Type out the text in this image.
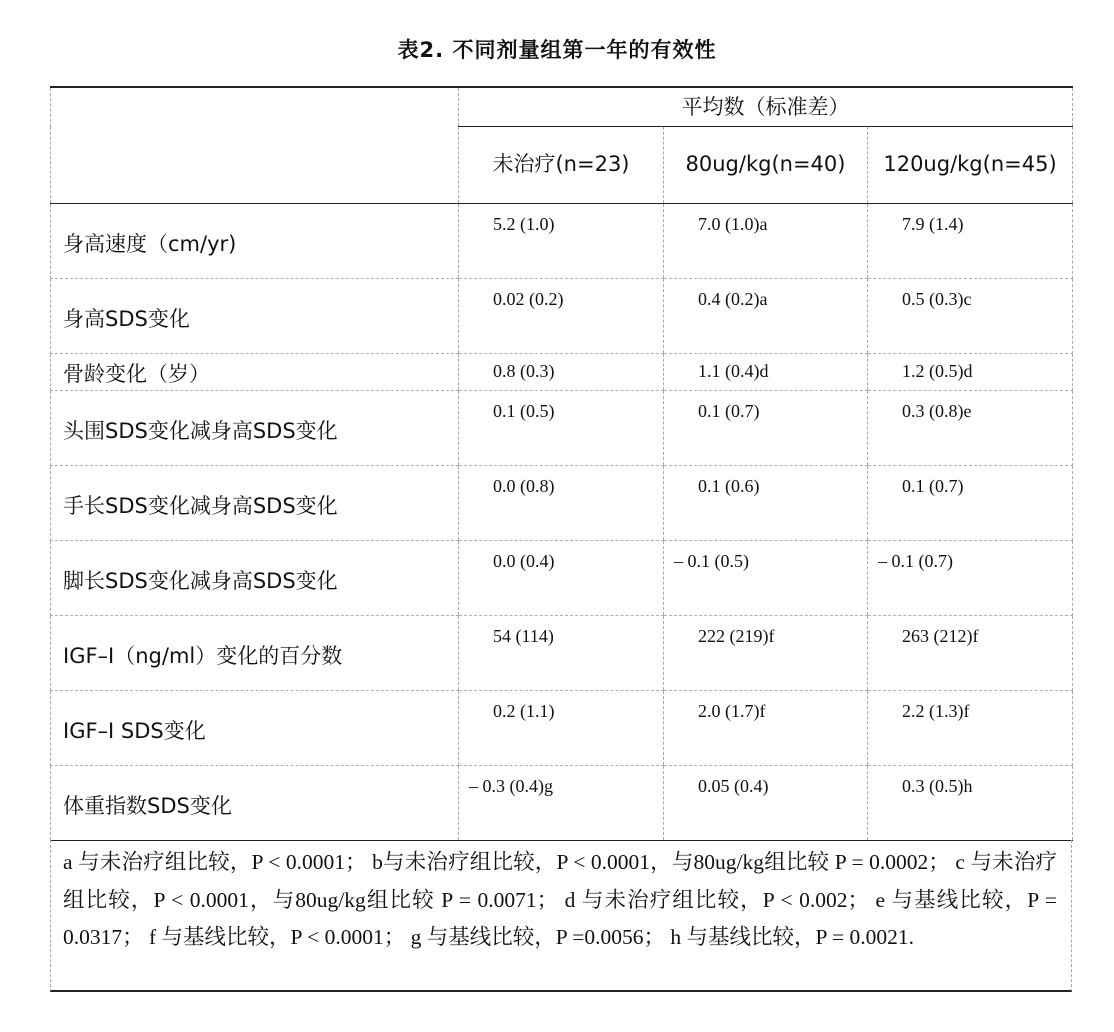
表2. 不同剂量组第一年的有效性
	平均数（标准差）		
	未治疗(n=23)	80ug/kg(n=40)	120ug/kg(n=45)

身高速度（cm/yr)	5.2 (1.0)	7.0 (1.0)a	7.9 (1.4)

身高SDS变化	0.02 (0.2)	0.4 (0.2)a	0.5 (0.3)c

骨龄变化（岁）	0.8 (0.3)	1.1 (0.4)d	1.2 (0.5)d

头围SDS变化减身高SDS变化	0.1 (0.5)	0.1 (0.7)	0.3 (0.8)e

手长SDS变化减身高SDS变化	0.0 (0.8)	0.1 (0.6)	0.1 (0.7)

脚长SDS变化减身高SDS变化	0.0 (0.4)	– 0.1 (0.5)	– 0.1 (0.7)

IGF–I（ng/ml）变化的百分数	54 (114)	222 (219)f	263 (212)f

IGF–I SDS变化	0.2 (1.1)	2.0 (1.7)f	2.2 (1.3)f

体重指数SDS变化	– 0.3 (0.4)g	0.05 (0.4)	0.3 (0.5)h
a 与未治疗组比较，P < 0.0001； b与未治疗组比较，P < 0.0001，与80ug/kg组比较 P = 0.0002； c 与未治疗组比较，P < 0.0001，与80ug/kg组比较 P = 0.0071； d 与未治疗组比较，P < 0.002； e 与基线比较，P = 0.0317； f 与基线比较，P < 0.0001； g 与基线比较，P =0.0056； h 与基线比较，P = 0.0021.
